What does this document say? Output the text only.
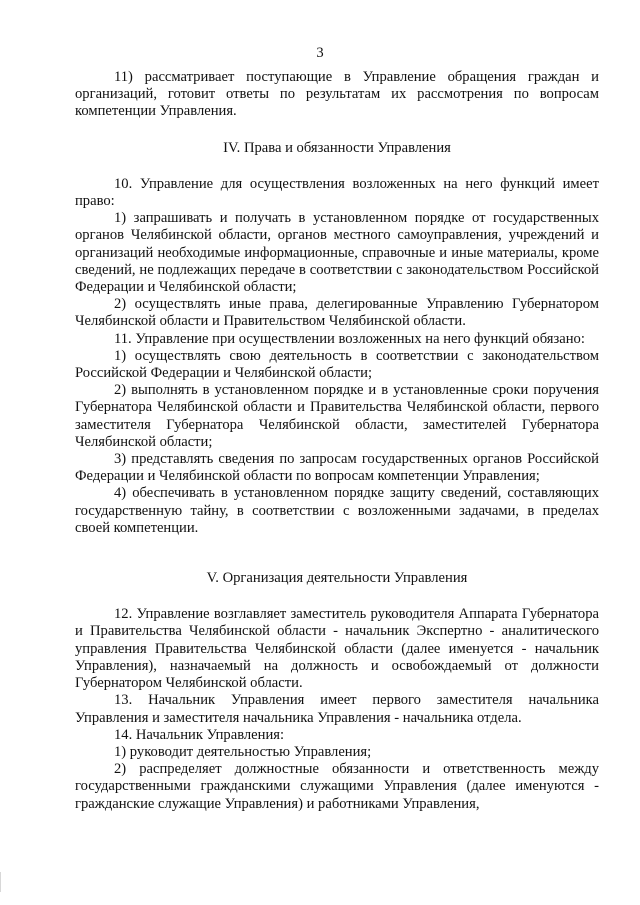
3

11) рассматривает поступающие в Управление обращения граждан и организаций, готовит ответы по результатам их рассмотрения по вопросам компетенции Управления.

IV. Права и обязанности Управления

10. Управление для осуществления возложенных на него функций имеет право:

1) запрашивать и получать в установленном порядке от государственных органов Челябинской области, органов местного самоуправления, учреждений и организаций необходимые информационные, справочные и иные материалы, кроме сведений, не подлежащих передаче в соответствии с законодательством Российской Федерации и Челябинской области;

2) осуществлять иные права, делегированные Управлению Губернатором Челябинской области и Правительством Челябинской области.

11. Управление при осуществлении возложенных на него функций обязано:

1) осуществлять свою деятельность в соответствии с законодательством Российской Федерации и Челябинской области;

2) выполнять в установленном порядке и в установленные сроки поручения Губернатора Челябинской области и Правительства Челябинской области, первого заместителя Губернатора Челябинской области, заместителей Губернатора Челябинской области;

3) представлять сведения по запросам государственных органов Российской Федерации и Челябинской области по вопросам компетенции Управления;

4) обеспечивать в установленном порядке защиту сведений, составляющих государственную тайну, в соответствии с возложенными задачами, в пределах своей компетенции.

V. Организация деятельности Управления

12. Управление возглавляет заместитель руководителя Аппарата Губернатора и Правительства Челябинской области - начальник Экспертно - аналитического управления Правительства Челябинской области (далее именуется - начальник Управления), назначаемый на должность и освобождаемый от должности Губернатором Челябинской области.

13. Начальник Управления имеет первого заместителя начальника Управления и заместителя начальника Управления - начальника отдела.

14. Начальник Управления:

1) руководит деятельностью Управления;

2) распределяет должностные обязанности и ответственность между государственными гражданскими служащими Управления (далее именуются - гражданские служащие Управления) и работниками Управления,
